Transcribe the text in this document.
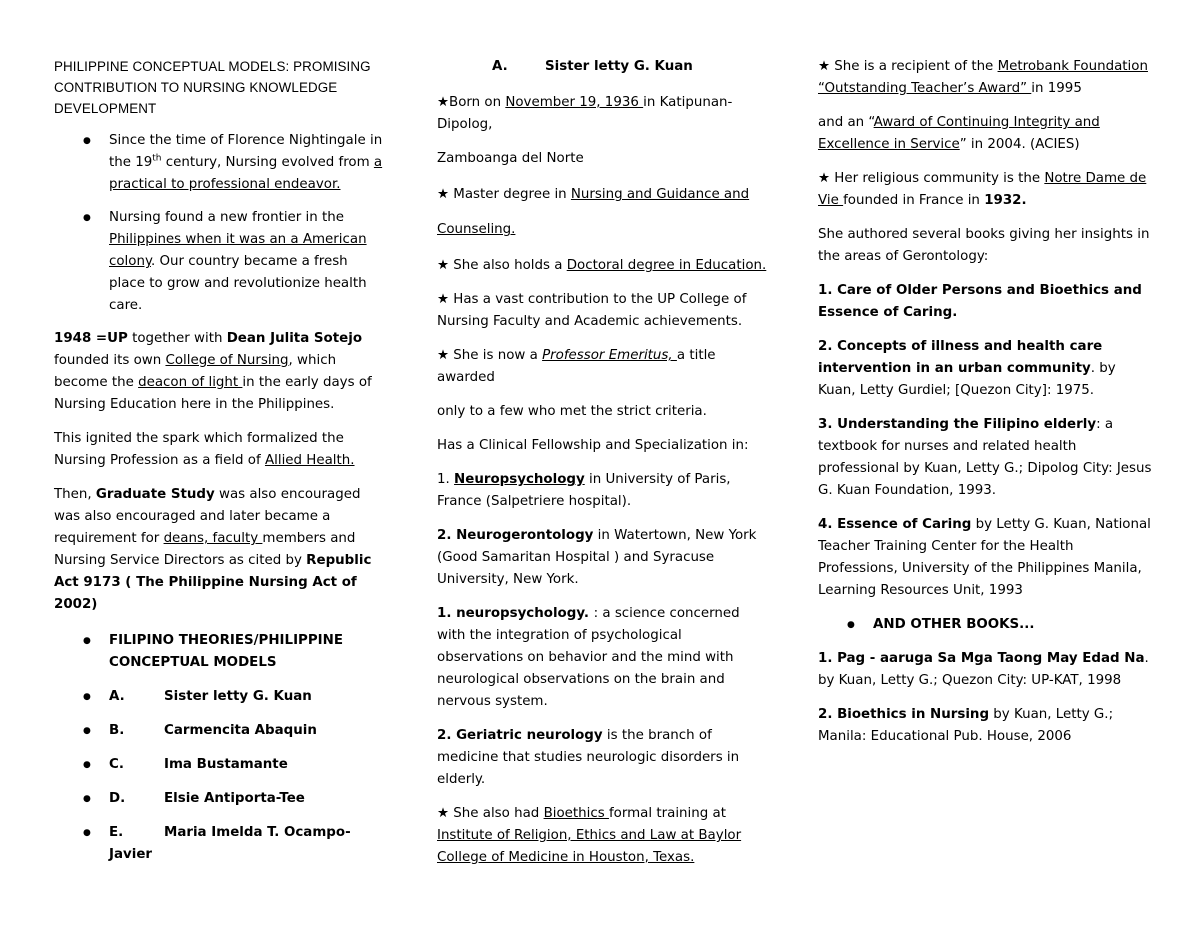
PHILIPPINE CONCEPTUAL MODELS: PROMISING CONTRIBUTION TO NURSING KNOWLEDGE DEVELOPMENT

● Since the time of Florence Nightingale in the 19th century, Nursing evolved from a practical to professional endeavor.
● Nursing found a new frontier in the Philippines when it was an a American colony. Our country became a fresh place to grow and revolutionize health care.

1948 =UP together with Dean Julita Sotejo founded its own College of Nursing, which become the deacon of light in the early days of Nursing Education here in the Philippines.

This ignited the spark which formalized the Nursing Profession as a field of Allied Health.

Then, Graduate Study was also encouraged was also encouraged and later became a requirement for deans, faculty members and Nursing Service Directors as cited by Republic Act 9173 ( The Philippine Nursing Act of 2002)

● FILIPINO THEORIES/PHILIPPINE CONCEPTUAL MODELS
● A.	Sister letty G. Kuan
● B.	Carmencita Abaquin
● C.	Ima Bustamante
● D.	Elsie Antiporta-Tee
● E.	Maria Imelda T. Ocampo-Javier
A.	Sister letty G. Kuan

★Born on November 19, 1936 in Katipunan-Dipolog,

Zamboanga del Norte

★ Master degree in Nursing and Guidance and

Counseling.

★ She also holds a Doctoral degree in Education.

★ Has a vast contribution to the UP College of Nursing Faculty and Academic achievements.

★ She is now a Professor Emeritus, a title awarded

only to a few who met the strict criteria.

Has a Clinical Fellowship and Specialization in:

1. Neuropsychology in University of Paris, France (Salpetriere hospital).

2. Neurogerontology in Watertown, New York (Good Samaritan Hospital ) and Syracuse University, New York.

1. neuropsychology. : a science concerned with the integration of psychological observations on behavior and the mind with neurological observations on the brain and nervous system.

2. Geriatric neurology is the branch of medicine that studies neurologic disorders in elderly.

★ She also had Bioethics formal training at Institute of Religion, Ethics and Law at Baylor College of Medicine in Houston, Texas.

★ She is a recipient of the Metrobank Foundation “Outstanding Teacher’s Award” in 1995

and an “Award of Continuing Integrity and Excellence in Service” in 2004. (ACIES)

★ Her religious community is the Notre Dame de Vie founded in France in 1932.

She authored several books giving her insights in the areas of Gerontology:

1. Care of Older Persons and Bioethics and Essence of Caring.

2. Concepts of illness and health care intervention in an urban community. by Kuan, Letty Gurdiel; [Quezon City]: 1975.

3. Understanding the Filipino elderly: a textbook for nurses and related health professional by Kuan, Letty G.; Dipolog City: Jesus G. Kuan Foundation, 1993.

4. Essence of Caring by Letty G. Kuan, National Teacher Training Center for the Health Professions, University of the Philippines Manila, Learning Resources Unit, 1993

● AND OTHER BOOKS...

1. Pag - aaruga Sa Mga Taong May Edad Na. by Kuan, Letty G.; Quezon City: UP-KAT, 1998

2. Bioethics in Nursing by Kuan, Letty G.; Manila: Educational Pub. House, 2006
